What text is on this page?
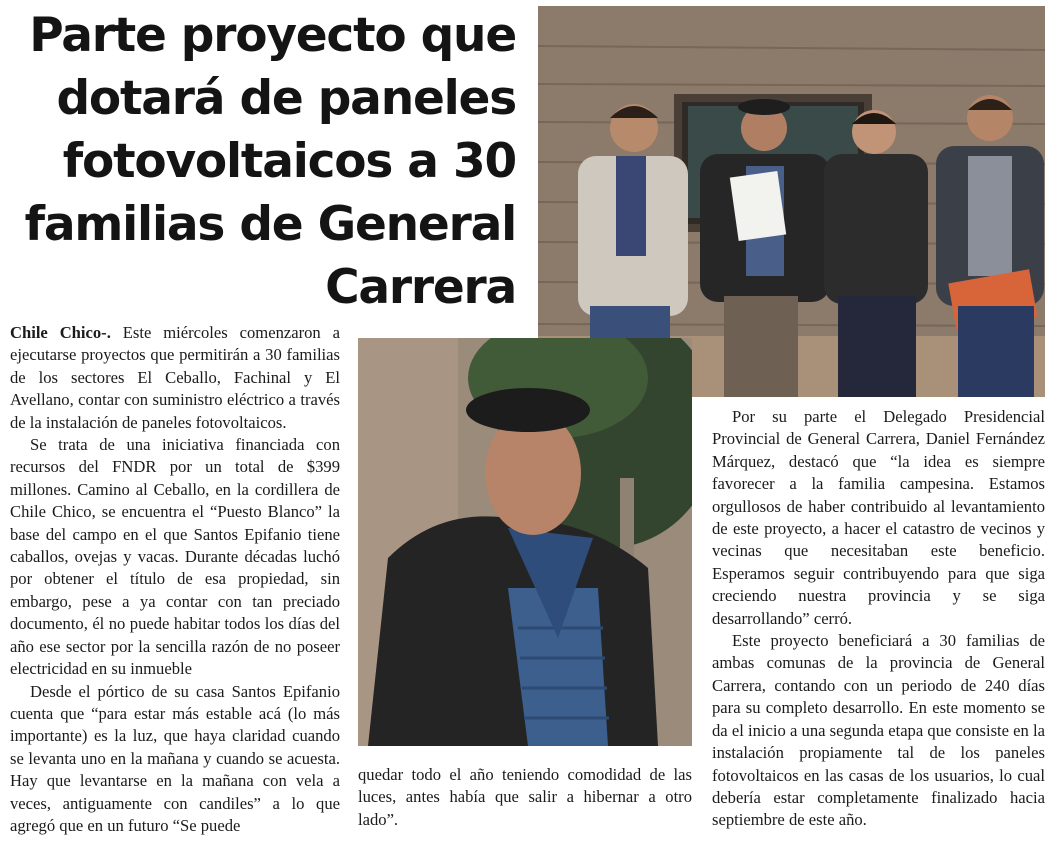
Parte proyecto que dotará de paneles fotovoltaicos a 30 familias de General Carrera

Chile Chico-. Este miércoles comenzaron a ejecutarse proyectos que permitirán a 30 familias de los sectores El Ceballo, Fachinal y El Avellano, contar con suministro eléctrico a través de la instalación de paneles fotovoltaicos.

Se trata de una iniciativa financiada con recursos del FNDR por un total de $399 millones. Camino al Ceballo, en la cordillera de Chile Chico, se encuentra el “Puesto Blanco” la base del campo en el que Santos Epifanio tiene caballos, ovejas y vacas. Durante décadas luchó por obtener el título de esa propiedad, sin embargo, pese a ya contar con tan preciado documento, él no puede habitar todos los días del año ese sector por la sencilla razón de no poseer electricidad en su inmueble

Desde el pórtico de su casa Santos Epifanio cuenta que “para estar más estable acá (lo más importante) es la luz, que haya claridad cuando se levanta uno en la mañana y cuando se acuesta. Hay que levantarse en la mañana con vela a veces, antiguamente con candiles” a lo que agregó que en un futuro “Se puede

quedar todo el año teniendo comodidad de las luces, antes había que salir a hibernar a otro lado”.

Por su parte el Delegado Presidencial Provincial de General Carrera, Daniel Fernández Márquez, destacó que “la idea es siempre favorecer a la familia campesina. Estamos orgullosos de haber contribuido al levantamiento de este proyecto, a hacer el catastro de vecinos y vecinas que necesitaban este beneficio. Esperamos seguir contribuyendo para que siga creciendo nuestra provincia y se siga desarrollando” cerró.

Este proyecto beneficiará a 30 familias de ambas comunas de la provincia de General Carrera, contando con un periodo de 240 días para su completo desarrollo. En este momento se da el inicio a una segunda etapa que consiste en la instalación propiamente tal de los paneles fotovoltaicos en las casas de los usuarios, lo cual debería estar completamente finalizado hacia septiembre de este año.
